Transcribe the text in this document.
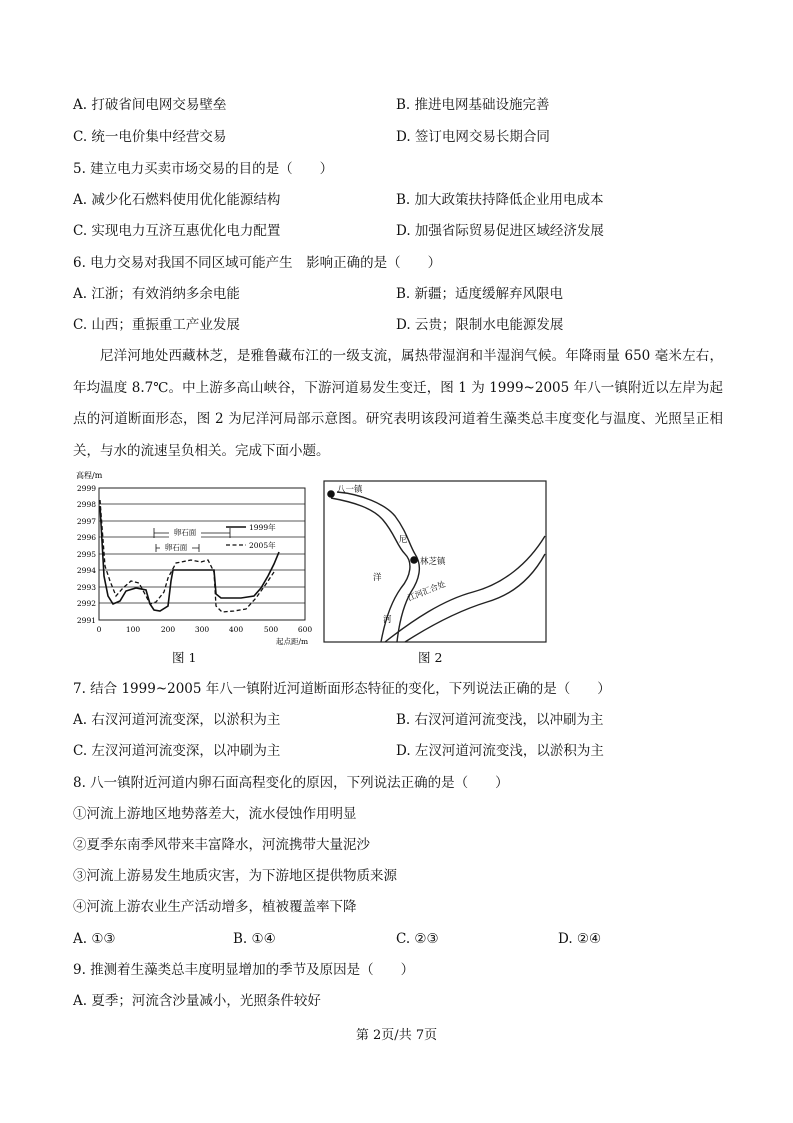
A. 打破省间电网交易壁垒	B. 推进电网基础设施完善
C. 统一电价集中经营交易	D. 签订电网交易长期合同
5. 建立电力买卖市场交易的目的是（　　）
A. 减少化石燃料使用优化能源结构	B. 加大政策扶持降低企业用电成本
C. 实现电力互济互惠优化电力配置	D. 加强省际贸易促进区域经济发展
6. 电力交易对我国不同区域可能产生　影响正确的是（　　）
A. 江浙；有效消纳多余电能	B. 新疆；适度缓解弃风限电
C. 山西；重振重工产业发展	D. 云贵；限制水电能源发展
尼洋河地处西藏林芝，是雅鲁藏布江的一级支流，属热带湿润和半湿润气候。年降雨量 650 毫米左右，年均温度 8.7℃。中上游多高山峡谷，下游河道易发生变迁，图 1 为 1999~2005 年八一镇附近以左岸为起点的河道断面形态，图 2 为尼洋河局部示意图。研究表明该段河道着生藻类总丰度变化与温度、光照呈正相关，与水的流速呈负相关。完成下面小题。
高程/m
2999
2998
2997
2996
2995
2994
2993
2992
2991
0	100	200	300	400	500	600
起点距/m
卵石面
卵石面
1999年
2005年
图 1
八一镇
林芝镇
尼
洋
河
江河汇合处
图 2
7. 结合 1999~2005 年八一镇附近河道断面形态特征的变化，下列说法正确的是（　　）
A. 右汊河道河流变深，以淤积为主	B. 右汊河道河流变浅，以冲刷为主
C. 左汊河道河流变深，以冲刷为主	D. 左汊河道河流变浅，以淤积为主
8. 八一镇附近河道内卵石面高程变化的原因，下列说法正确的是（　　）
①河流上游地区地势落差大，流水侵蚀作用明显
②夏季东南季风带来丰富降水，河流携带大量泥沙
③河流上游易发生地质灾害，为下游地区提供物质来源
④河流上游农业生产活动增多，植被覆盖率下降
A. ①③	B. ①④	C. ②③	D. ②④
9. 推测着生藻类总丰度明显增加的季节及原因是（　　）
A. 夏季；河流含沙量减小，光照条件较好
第 2页/共 7页
